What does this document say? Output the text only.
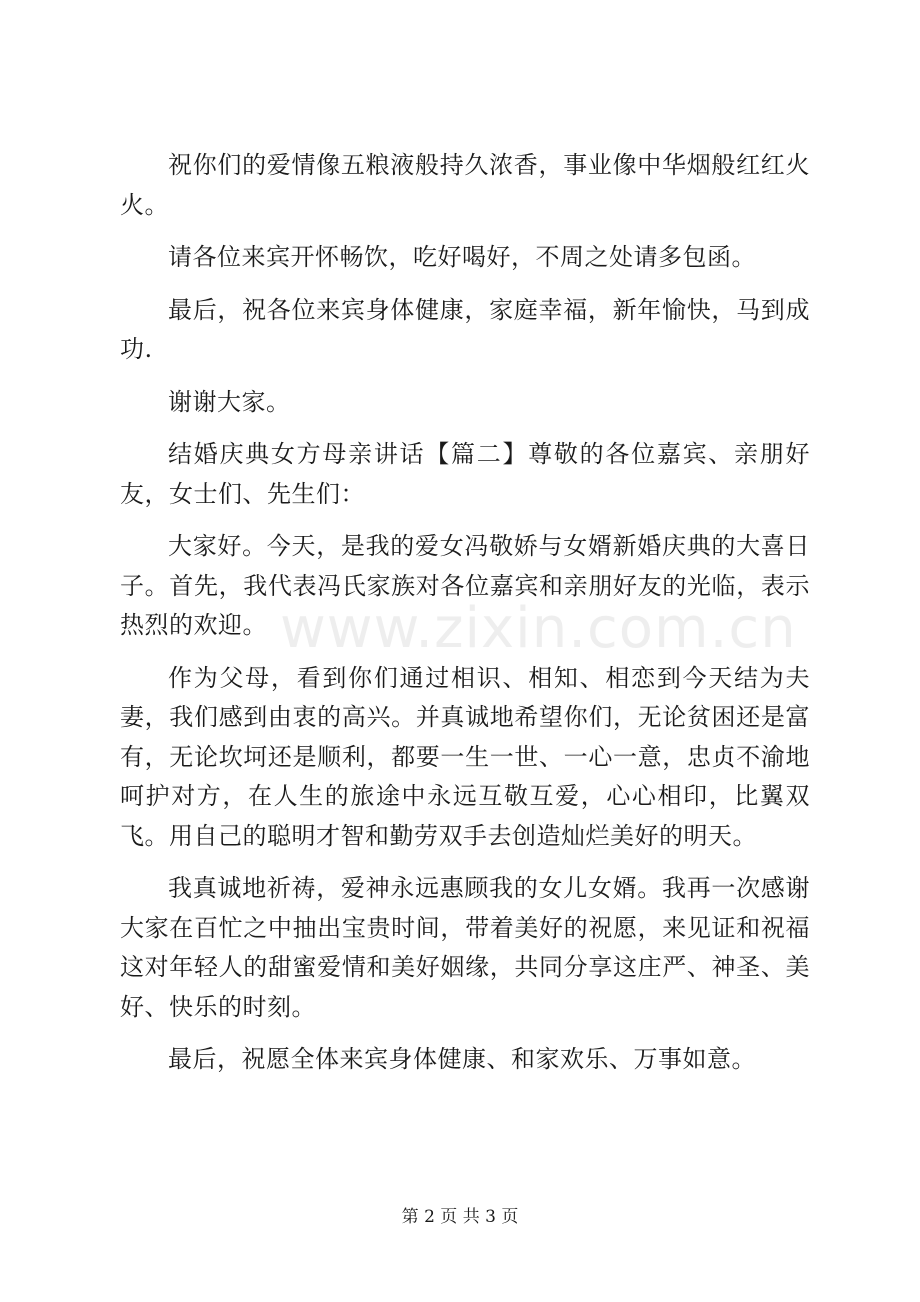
祝你们的爱情像五粮液般持久浓香，事业像中华烟般红红火火。

请各位来宾开怀畅饮，吃好喝好，不周之处请多包函。

最后，祝各位来宾身体健康，家庭幸福，新年愉快，马到成功.

谢谢大家。

结婚庆典女方母亲讲话【篇二】尊敬的各位嘉宾、亲朋好友，女士们、先生们：

大家好。今天，是我的爱女冯敬娇与女婿新婚庆典的大喜日子。首先，我代表冯氏家族对各位嘉宾和亲朋好友的光临，表示热烈的欢迎。

作为父母，看到你们通过相识、相知、相恋到今天结为夫妻，我们感到由衷的高兴。并真诚地希望你们，无论贫困还是富有，无论坎坷还是顺利，都要一生一世、一心一意，忠贞不渝地呵护对方，在人生的旅途中永远互敬互爱，心心相印，比翼双飞。用自己的聪明才智和勤劳双手去创造灿烂美好的明天。

我真诚地祈祷，爱神永远惠顾我的女儿女婿。我再一次感谢大家在百忙之中抽出宝贵时间，带着美好的祝愿，来见证和祝福这对年轻人的甜蜜爱情和美好姻缘，共同分享这庄严、神圣、美好、快乐的时刻。

最后，祝愿全体来宾身体健康、和家欢乐、万事如意。

www.zixin.com.cn
第 2 页 共 3 页
